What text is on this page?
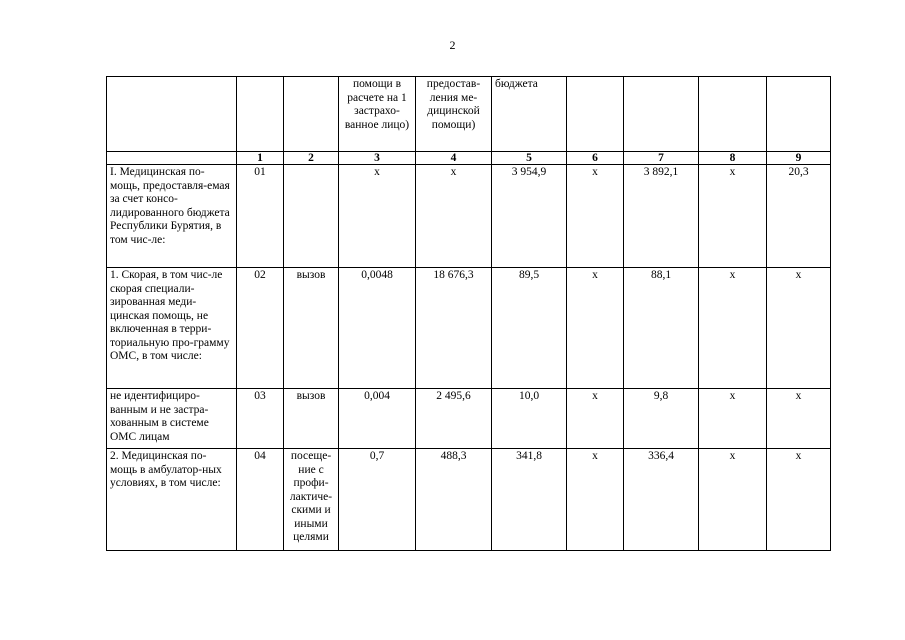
2
			помощи в расчете на 1 застрахо-ванное лицо)	предостав-ления ме-дицинской помощи)	бюджета				
	1	2	3	4	5	6	7	8	9
I. Медицинская по-мощь, предоставля-емая за счет консо-лидированного бюджета Республики Бурятия, в том чис-ле:	01		х	х	3 954,9	х	3 892,1	х	20,3
1. Скорая, в том чис-ле скорая специали-зированная меди-цинская помощь, не включенная в терри-ториальную про-грамму ОМС, в том числе:	02	вызов	0,0048	18 676,3	89,5	х	88,1	х	х
не идентифициро-ванным и не застра-хованным в системе ОМС лицам	03	вызов	0,004	2 495,6	10,0	х	9,8	х	х
2. Медицинская по-мощь в амбулатор-ных условиях, в том числе:	04	посеще-ние с профи-лактиче-скими и иными целями	0,7	488,3	341,8	х	336,4	х	х
